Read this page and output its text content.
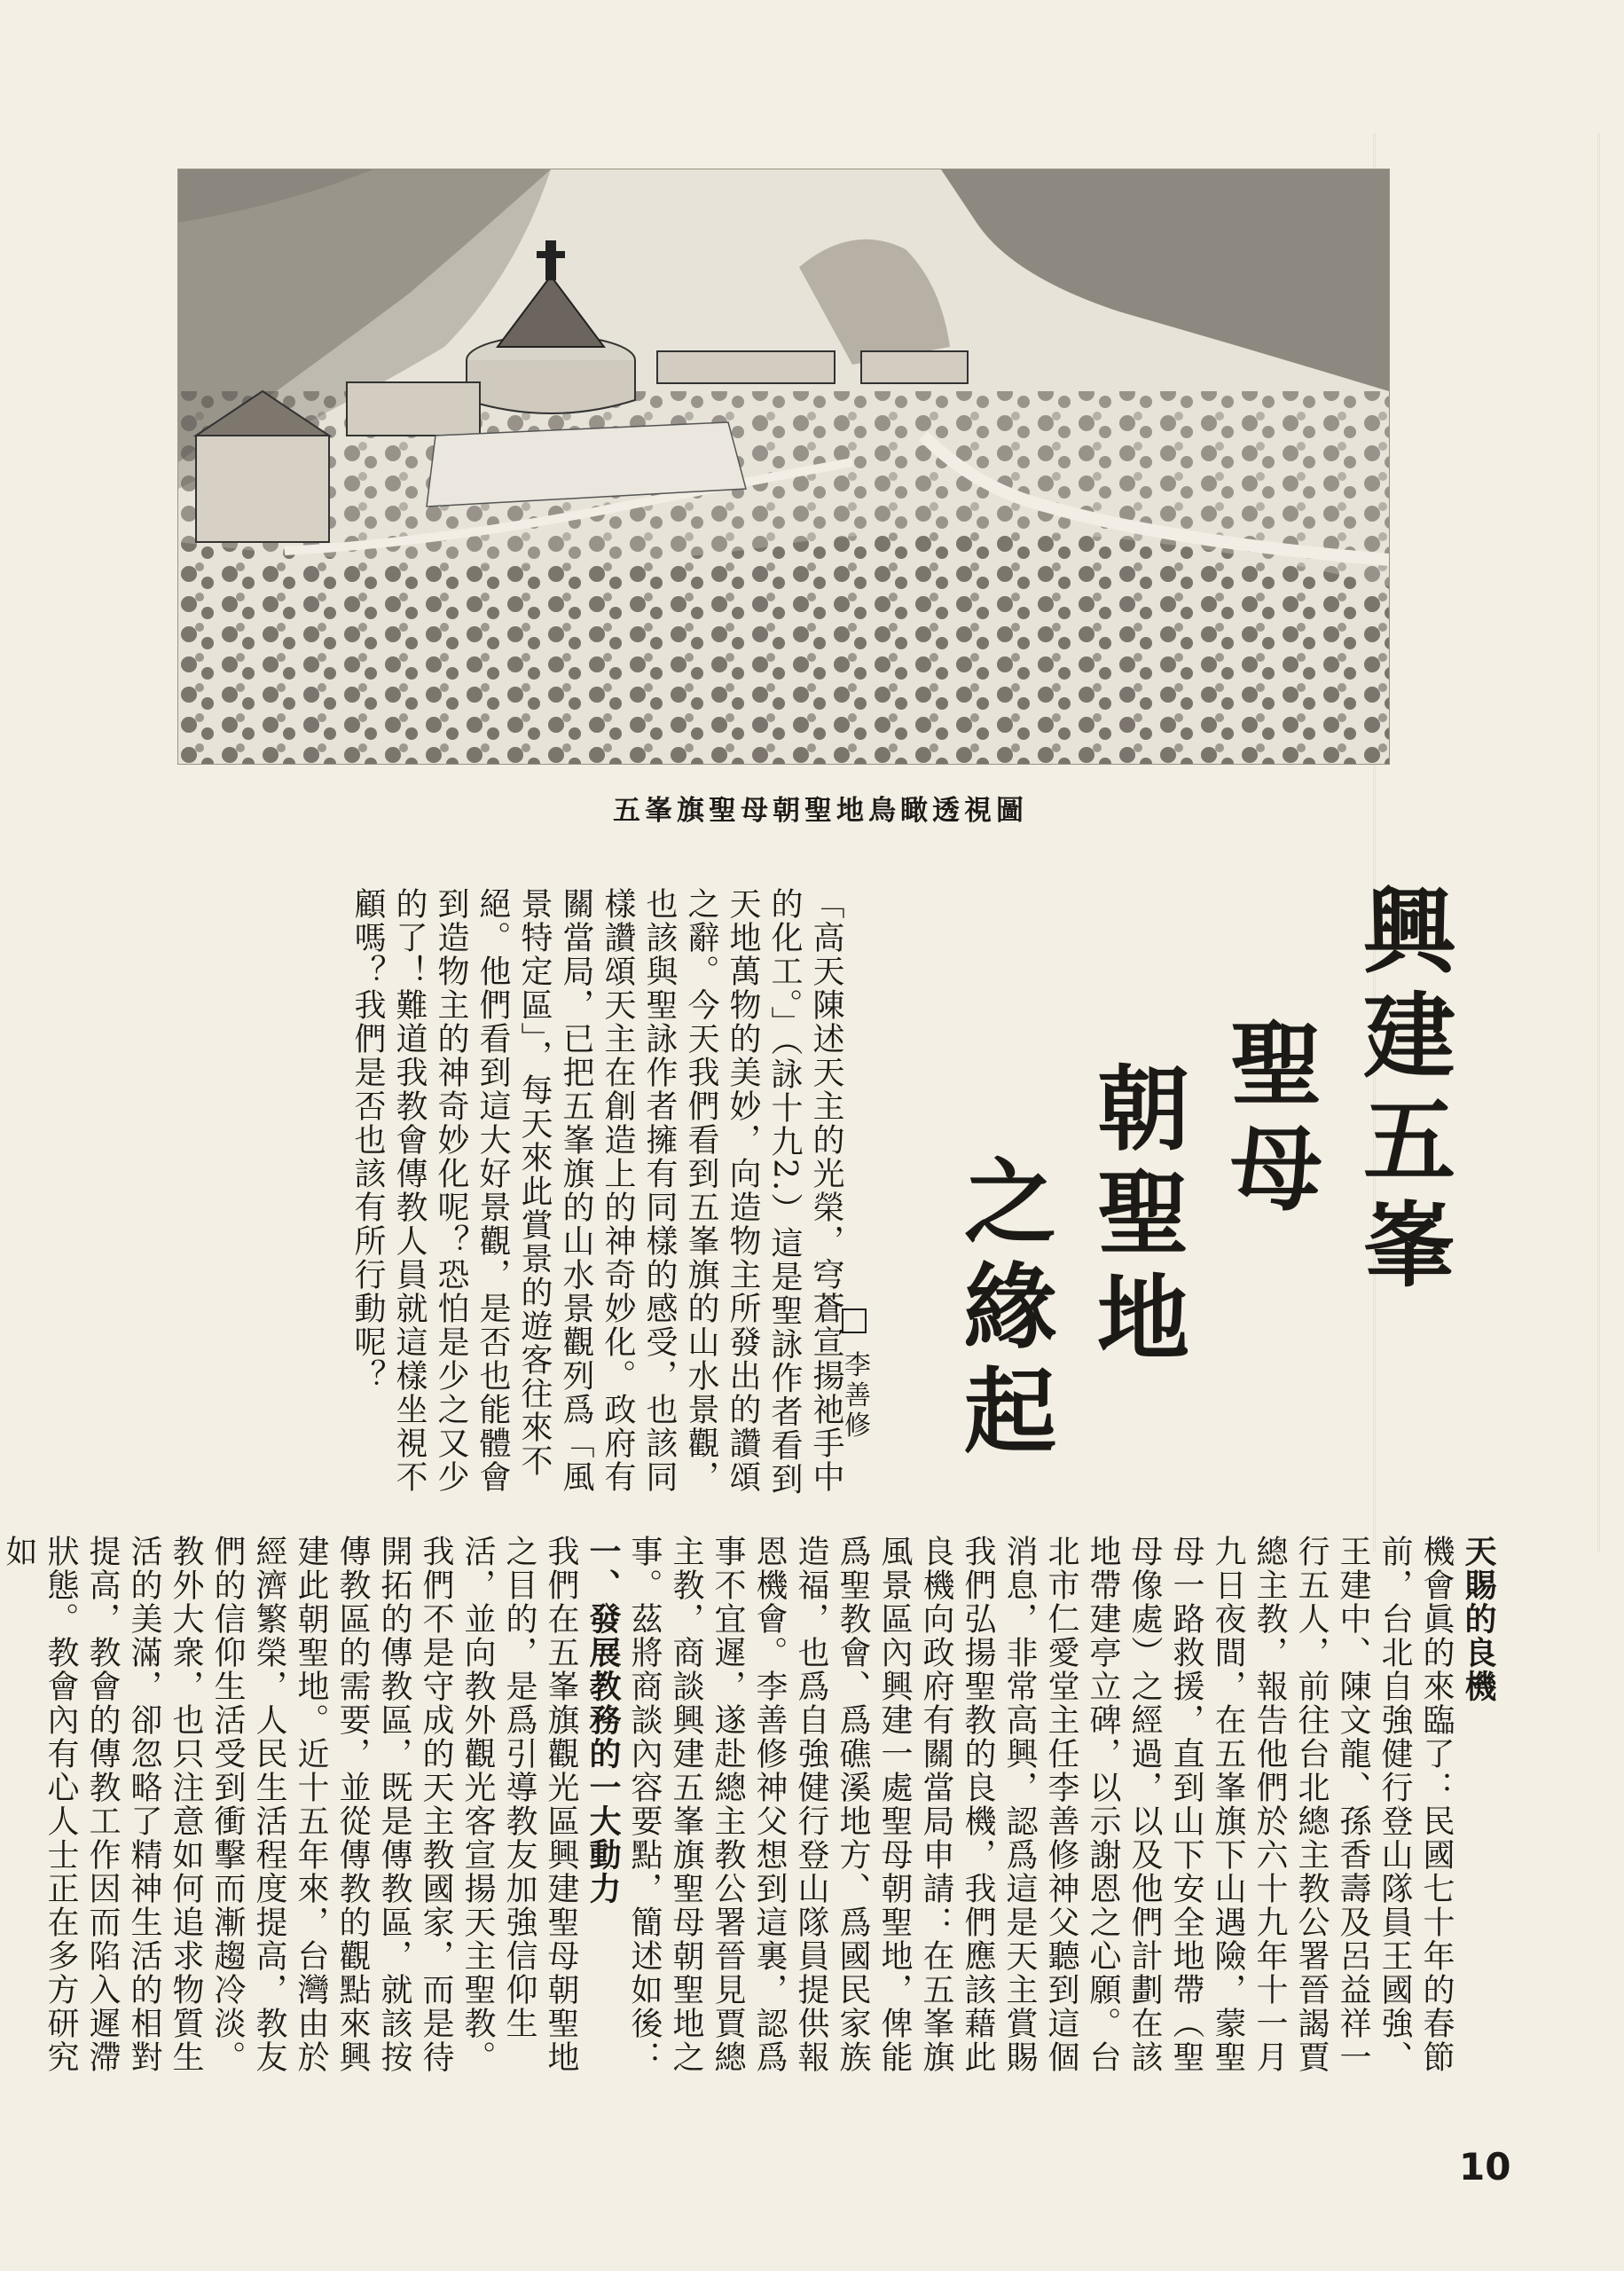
五峯旗聖母朝聖地鳥瞰透視圖
興建五峯
聖母
朝聖地
之緣起
李善修
「高天陳述天主的光榮，穹蒼宣揚祂手中的化工。」（詠十九2.）這是聖詠作者看到天地萬物的美妙，向造物主所發出的讚頌之辭。今天我們看到五峯旗的山水景觀，也該與聖詠作者擁有同樣的感受，也該同樣讚頌天主在創造上的神奇妙化。政府有關當局，已把五峯旗的山水景觀列爲「風景特定區」，每天來此賞景的遊客往來不絕。他們看到這大好景觀，是否也能體會到造物主的神奇妙化呢？恐怕是少之又少的了！難道我教會傳教人員就這樣坐視不顧嗎？我們是否也該有所行動呢？
天賜的良機
機會眞的來臨了：民國七十年的春節前，台北自強健行登山隊員王國強、王建中、陳文龍、孫香壽及呂益祥一行五人，前往台北總主教公署晉謁賈總主教，報告他們於六十九年十一月九日夜間，在五峯旗下山遇險，蒙聖母一路救援，直到山下安全地帶（聖母像處）之經過，以及他們計劃在該地帶建亭立碑，以示謝恩之心願。台北市仁愛堂主任李善修神父聽到這個消息，非常高興，認爲這是天主賞賜我們弘揚聖教的良機，我們應該藉此良機向政府有關當局申請：在五峯旗風景區內興建一處聖母朝聖地，俾能爲聖教會、爲礁溪地方、爲國民家族造福，也爲自強健行登山隊員提供報恩機會。李善修神父想到這裏，認爲事不宜遲，遂赴總主教公署晉見賈總主教，商談興建五峯旗聖母朝聖地之事。茲將商談內容要點，簡述如後：
一、發展教務的一大動力
我們在五峯旗觀光區興建聖母朝聖地之目的，是爲引導教友加強信仰生活，並向教外觀光客宣揚天主聖教。我們不是守成的天主教國家，而是待開拓的傳教區，既是傳教區，就該按傳教區的需要，並從傳教的觀點來興建此朝聖地。近十五年來，台灣由於經濟繁榮，人民生活程度提高，教友們的信仰生活受到衝擊而漸趨冷淡。教外大衆，也只注意如何追求物質生活的美滿，卻忽略了精神生活的相對提高，教會的傳教工作因而陷入遲滯狀態。教會內有心人士正在多方研究如
10
